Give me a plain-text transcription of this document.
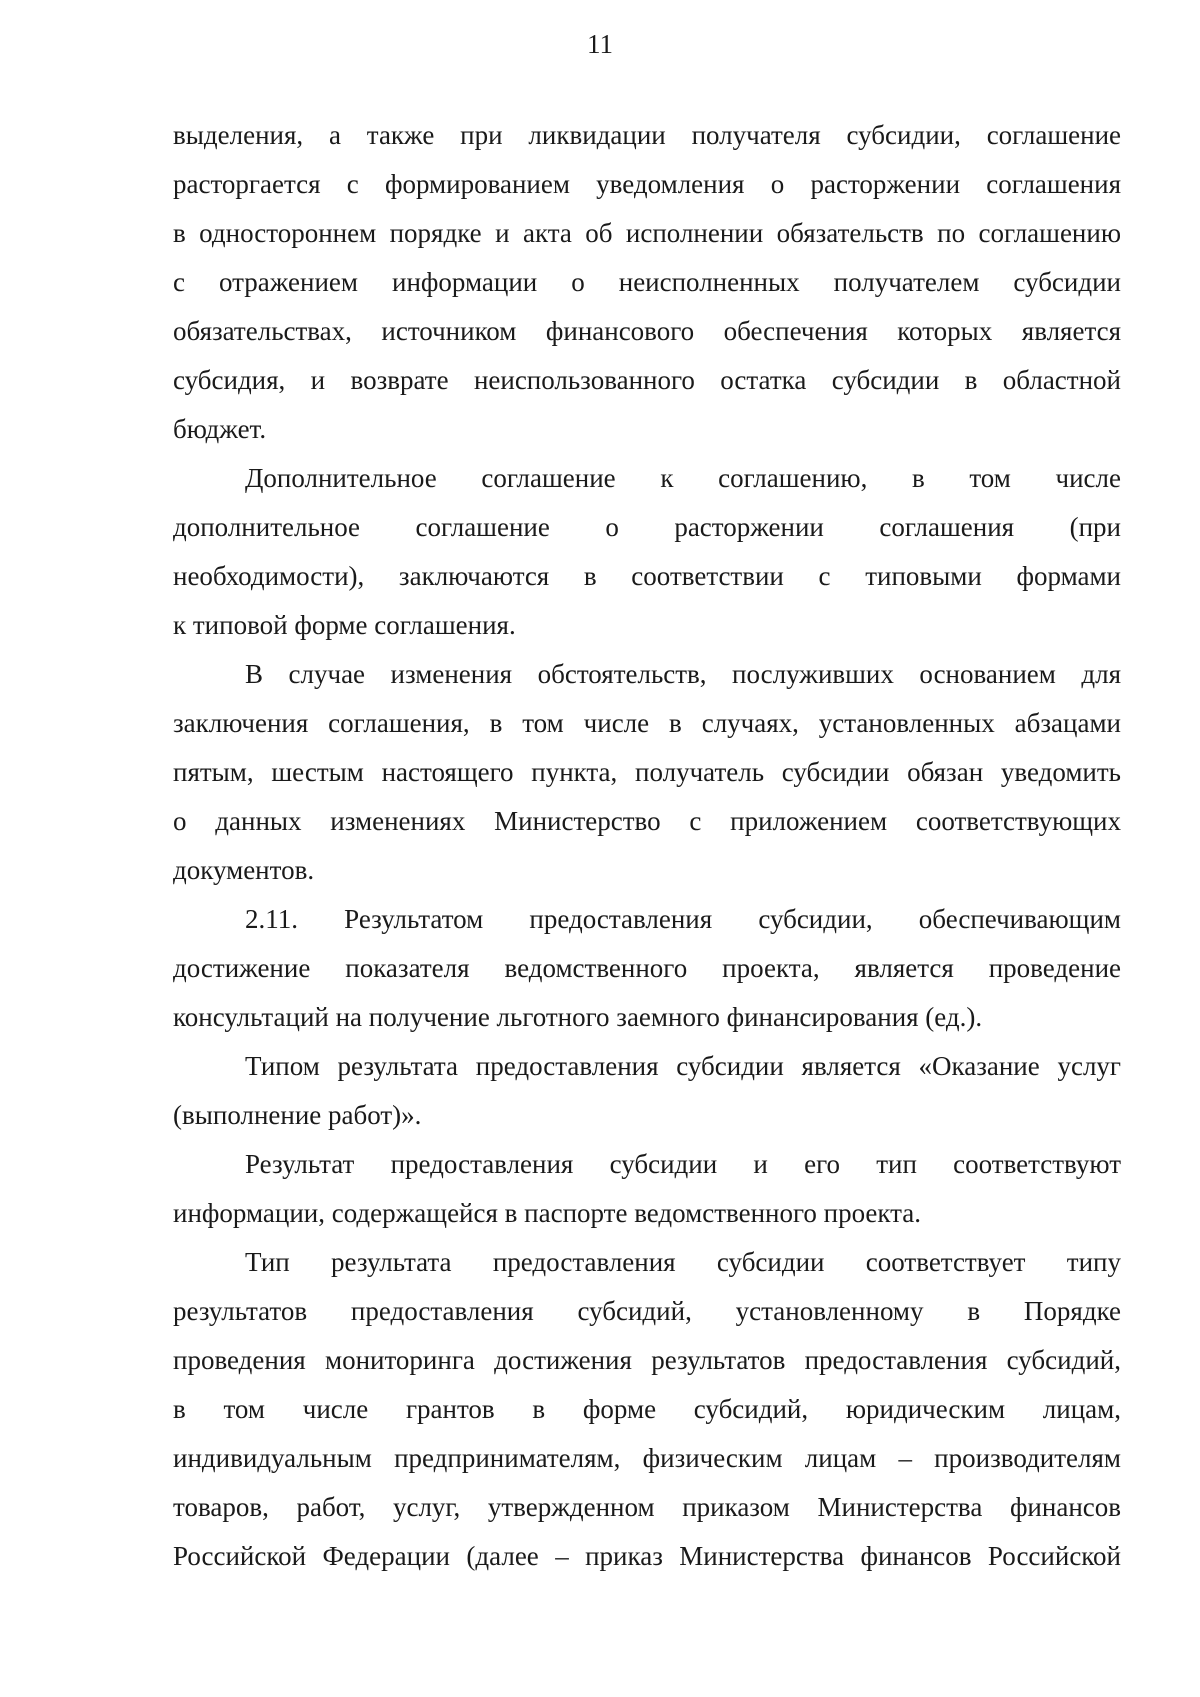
11
выделения, а также при ликвидации получателя субсидии, соглашение
расторгается с формированием уведомления о расторжении соглашения
в одностороннем порядке и акта об исполнении обязательств по соглашению
с отражением информации о неисполненных получателем субсидии
обязательствах, источником финансового обеспечения которых является
субсидия, и возврате неиспользованного остатка субсидии в областной
бюджет.
Дополнительное соглашение к соглашению, в том числе
дополнительное соглашение о расторжении соглашения (при
необходимости), заключаются в соответствии с типовыми формами
к типовой форме соглашения.
В случае изменения обстоятельств, послуживших основанием для
заключения соглашения, в том числе в случаях, установленных абзацами
пятым, шестым настоящего пункта, получатель субсидии обязан уведомить
о данных изменениях Министерство с приложением соответствующих
документов.
2.11. Результатом предоставления субсидии, обеспечивающим
достижение показателя ведомственного проекта, является проведение
консультаций на получение льготного заемного финансирования (ед.).
Типом результата предоставления субсидии является «Оказание услуг
(выполнение работ)».
Результат предоставления субсидии и его тип соответствуют
информации, содержащейся в паспорте ведомственного проекта.
Тип результата предоставления субсидии соответствует типу
результатов предоставления субсидий, установленному в Порядке
проведения мониторинга достижения результатов предоставления субсидий,
в том числе грантов в форме субсидий, юридическим лицам,
индивидуальным предпринимателям, физическим лицам – производителям
товаров, работ, услуг, утвержденном приказом Министерства финансов
Российской Федерации (далее – приказ Министерства финансов Российской
